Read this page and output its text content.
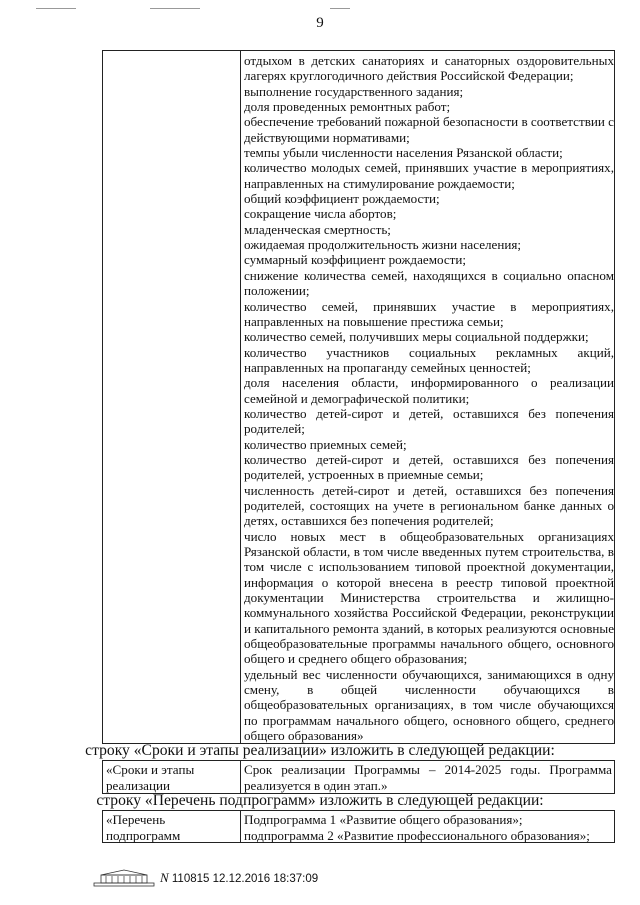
9
отдыхом в детских санаториях и санаторных оздоровительных
лагерях круглогодичного действия Российской Федерации;
выполнение государственного задания;
доля проведенных ремонтных работ;
обеспечение требований пожарной безопасности в соответствии с
действующими нормативами;
темпы убыли численности населения Рязанской области;
количество молодых семей, принявших участие в мероприятиях,
направленных на стимулирование рождаемости;
общий коэффициент рождаемости;
сокращение числа абортов;
младенческая смертность;
ожидаемая продолжительность жизни населения;
суммарный коэффициент рождаемости;
снижение количества семей, находящихся в социально опасном
положении;
количество семей, принявших участие в мероприятиях,
направленных на повышение престижа семьи;
количество семей, получивших меры социальной поддержки;
количество участников социальных рекламных акций,
направленных на пропаганду семейных ценностей;
доля населения области, информированного о реализации
семейной и демографической политики;
количество детей-сирот и детей, оставшихся без попечения
родителей;
количество приемных семей;
количество детей-сирот и детей, оставшихся без попечения
родителей, устроенных в приемные семьи;
численность детей-сирот и детей, оставшихся без попечения
родителей, состоящих на учете в региональном банке данных о
детях, оставшихся без попечения родителей;
число новых мест в общеобразовательных организациях
Рязанской области, в том числе введенных путем строительства, в
том числе с использованием типовой проектной документации,
информация о которой внесена в реестр типовой проектной
документации Министерства строительства и жилищно-
коммунального хозяйства Российской Федерации, реконструкции
и капитального ремонта зданий, в которых реализуются основные
общеобразовательные программы начального общего, основного
общего и среднего общего образования;
удельный вес численности обучающихся, занимающихся в одну
смену, в общей численности обучающихся в
общеобразовательных организациях, в том числе обучающихся
по программам начального общего, основного общего, среднего
общего образования»
строку «Сроки и этапы реализации» изложить в следующей редакции:
«Сроки и этапы
реализации
Срок реализации Программы – 2014-2025 годы. Программа
реализуется в один этап.»
строку «Перечень подпрограмм» изложить в следующей редакции:
«Перечень
подпрограмм
Подпрограмма 1 «Развитие общего образования»;
подпрограмма 2 «Развитие профессионального образования»;
N 110815 12.12.2016 18:37:09
